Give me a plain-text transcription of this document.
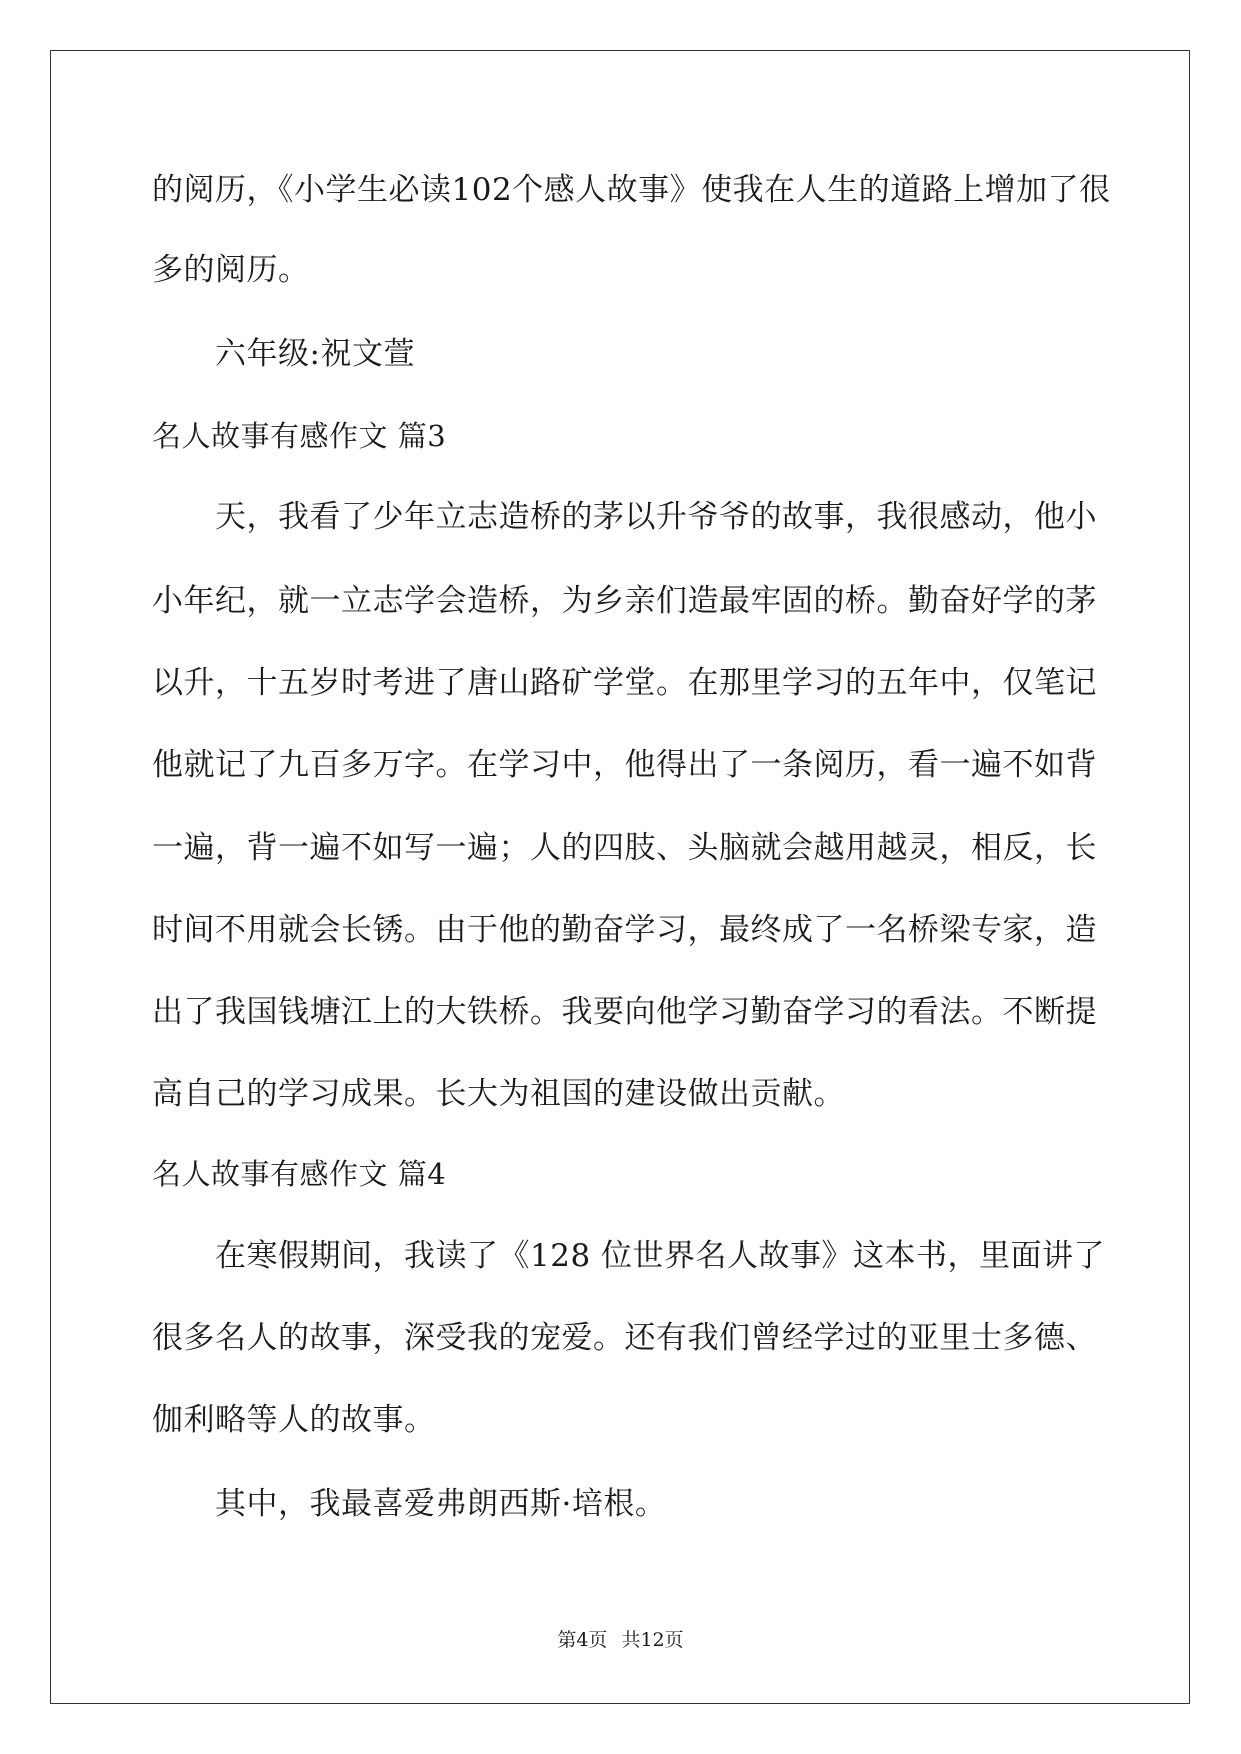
的阅历，《小学生必读102个感人故事》使我在人生的道路上增加了很
多的阅历。
六年级:祝文萱
名人故事有感作文 篇3
天，我看了少年立志造桥的茅以升爷爷的故事，我很感动，他小
小年纪，就一立志学会造桥，为乡亲们造最牢固的桥。勤奋好学的茅
以升，十五岁时考进了唐山路矿学堂。在那里学习的五年中，仅笔记
他就记了九百多万字。在学习中，他得出了一条阅历，看一遍不如背
一遍，背一遍不如写一遍；人的四肢、头脑就会越用越灵，相反，长
时间不用就会长锈。由于他的勤奋学习，最终成了一名桥梁专家，造
出了我国钱塘江上的大铁桥。我要向他学习勤奋学习的看法。不断提
高自己的学习成果。长大为祖国的建设做出贡献。
名人故事有感作文 篇4
在寒假期间，我读了《128 位世界名人故事》这本书，里面讲了
很多名人的故事，深受我的宠爱。还有我们曾经学过的亚里士多德、
伽利略等人的故事。
其中，我最喜爱弗朗西斯·培根。
第4页 共12页
